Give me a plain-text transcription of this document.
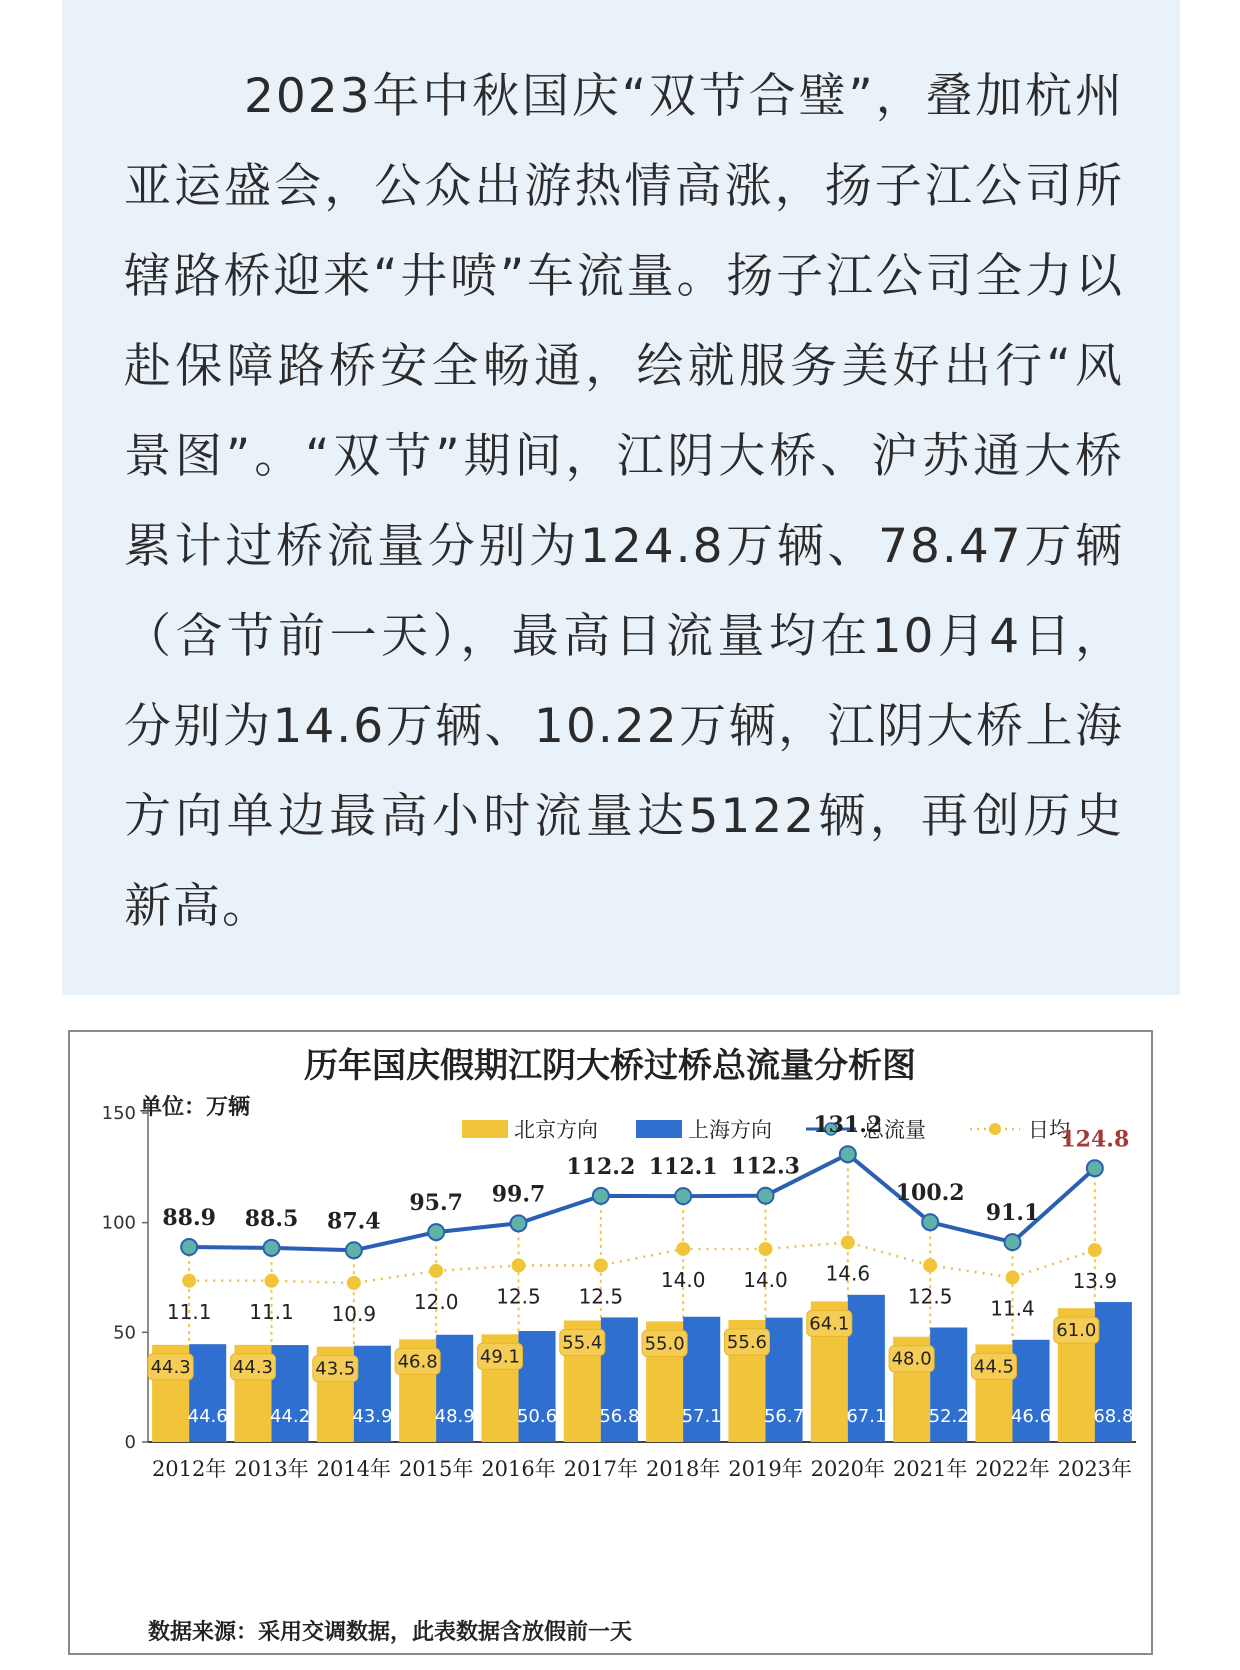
2023年中秋国庆“双节合璧”，叠加杭州亚运盛会，公众出游热情高涨，扬子江公司所辖路桥迎来“井喷”车流量。扬子江公司全力以赴保障路桥安全畅通，绘就服务美好出行“风景图”。“双节”期间，江阴大桥、沪苏通大桥累计过桥流量分别为124.8万辆、78.47万辆（含节前一天），最高日流量均在10月4日，分别为14.6万辆、10.22万辆，江阴大桥上海方向单边最高小时流量达5122辆，再创历史新高。

历年国庆假期江阴大桥过桥总流量分析图
单位：万辆
数据来源：采用交调数据，此表数据含放假前一天
北京方向	上海方向	总流量	日均
0
50
100
150
44.3
44.6
2012年
44.3
44.2
2013年
43.5
43.9
2014年
46.8
48.9
2015年
49.1
50.6
2016年
55.4
56.8
2017年
55.0
57.1
2018年
55.6
56.7
2019年
64.1
67.1
2020年
48.0
52.2
2021年
44.5
46.6
2022年
61.0
68.8
2023年
11.1 11.1 10.9
12.0 12.5 12.5
14.0 14.0 14.6
12.5
11.4
13.9
88.9 88.5 87.4
95.7 99.7
112.2 112.1 112.3
131.2
100.2
91.1
124.8
